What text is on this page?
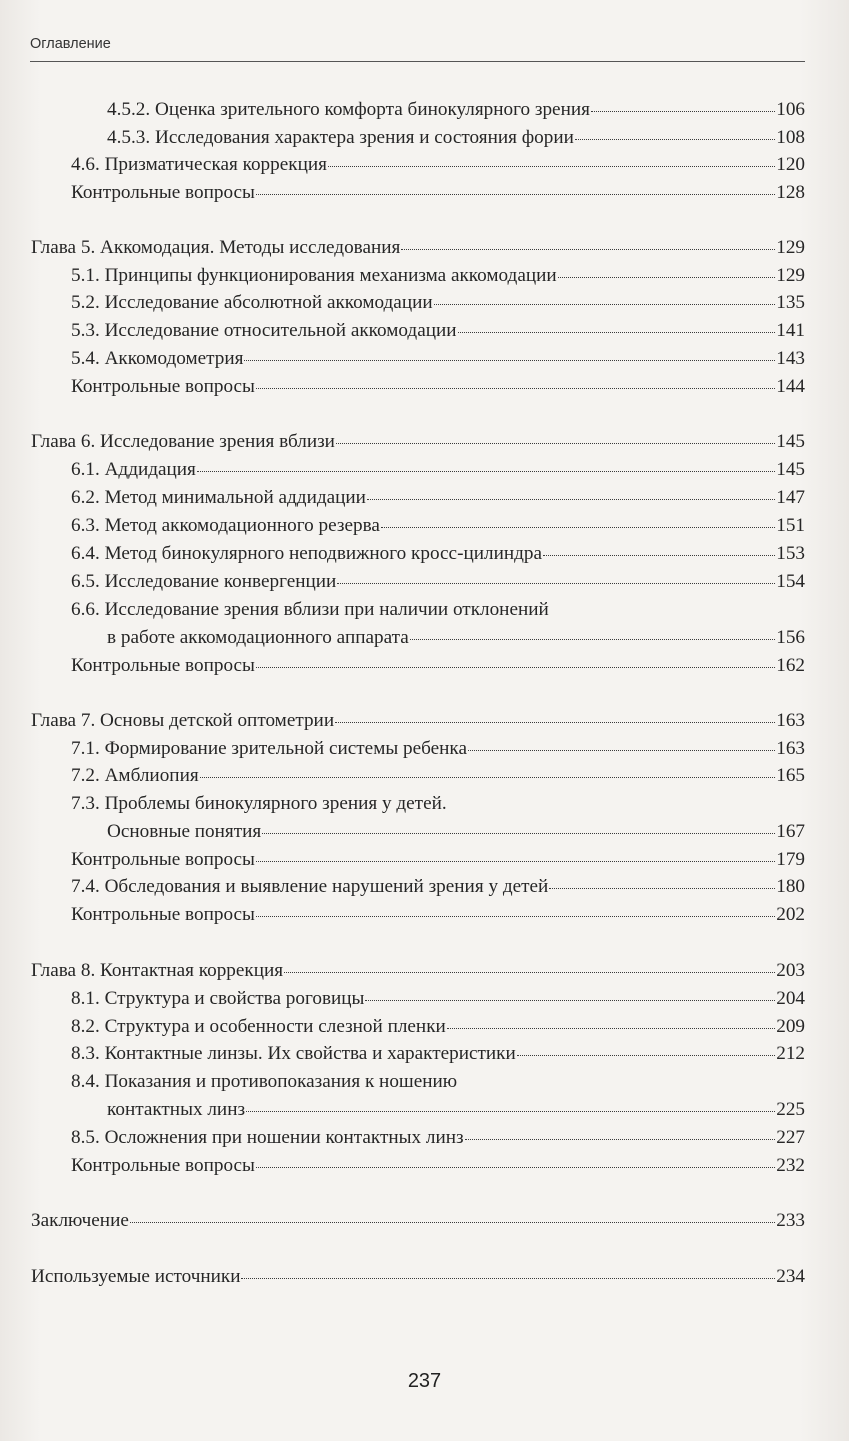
Оглавление
4.5.2. Оценка зрительного комфорта бинокулярного зрения	106
4.5.3. Исследования характера зрения и состояния фории	108
4.6. Призматическая коррекция	120
Контрольные вопросы	128
Глава 5. Аккомодация. Методы исследования	129
5.1. Принципы функционирования механизма аккомодации	129
5.2. Исследование абсолютной аккомодации	135
5.3. Исследование относительной аккомодации	141
5.4. Аккомодометрия	143
Контрольные вопросы	144
Глава 6. Исследование зрения вблизи	145
6.1. Аддидация	145
6.2. Метод минимальной аддидации	147
6.3. Метод аккомодационного резерва	151
6.4. Метод бинокулярного неподвижного кросс-цилиндра	153
6.5. Исследование конвергенции	154
6.6. Исследование зрения вблизи при наличии отклонений
в работе аккомодационного аппарата	156
Контрольные вопросы	162
Глава 7. Основы детской оптометрии	163
7.1. Формирование зрительной системы ребенка	163
7.2. Амблиопия	165
7.3. Проблемы бинокулярного зрения у детей.
Основные понятия	167
Контрольные вопросы	179
7.4. Обследования и выявление нарушений зрения у детей	180
Контрольные вопросы	202
Глава 8. Контактная коррекция	203
8.1. Структура и свойства роговицы	204
8.2. Структура и особенности слезной пленки	209
8.3. Контактные линзы. Их свойства и характеристики	212
8.4. Показания и противопоказания к ношению
контактных линз	225
8.5. Осложнения при ношении контактных линз	227
Контрольные вопросы	232
Заключение	233
Используемые источники	234
237
